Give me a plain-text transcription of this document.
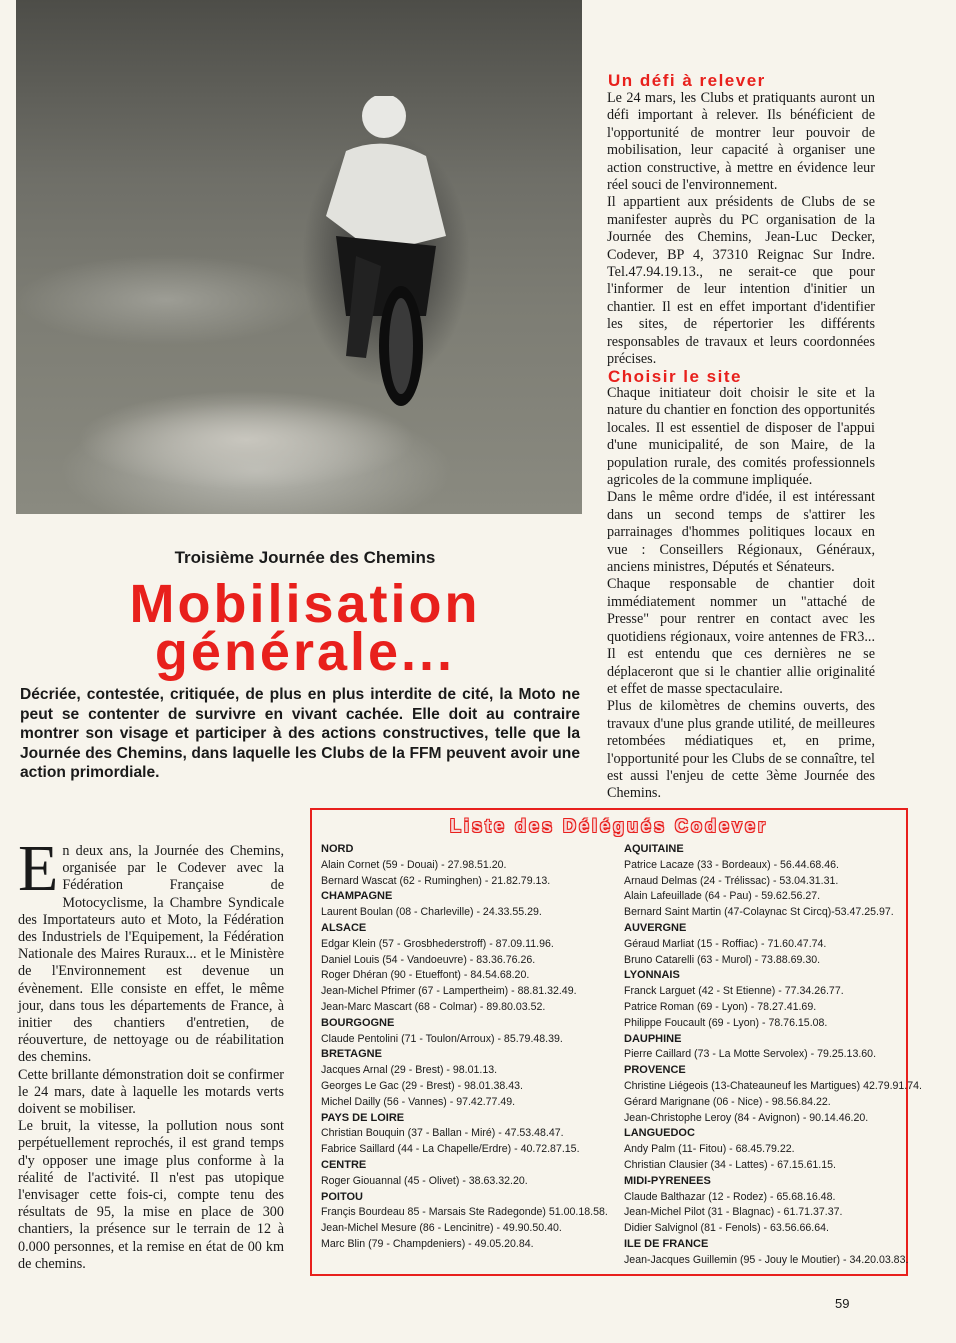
Troisième Journée des Chemins
Mobilisation
générale...
Décriée, contestée, critiquée, de plus en plus interdite de cité, la Moto ne peut se contenter de survivre en vivant cachée. Elle doit au contraire montrer son visage et participer à des actions constructives, telle que la Journée des Chemins, dans laquelle les Clubs de la FFM peuvent avoir une action primordiale.
Un défi à relever

Le 24 mars, les Clubs et pratiquants auront un défi important à relever. Ils bénéficient de l'opportunité de montrer leur pouvoir de mobilisation, leur capacité à organiser une action constructive, à mettre en évidence leur réel souci de l'environnement.

Il appartient aux présidents de Clubs de se manifester auprès du PC organisation de la Journée des Chemins, Jean-Luc Decker, Codever, BP 4, 37310 Reignac Sur Indre. Tel.47.94.19.13., ne serait-ce que pour l'informer de leur intention d'initier un chantier. Il est en effet important d'identifier les sites, de répertorier les différents responsables de travaux et leurs coordonnées précises.

Choisir le site

Chaque initiateur doit choisir le site et la nature du chantier en fonction des opportunités locales. Il est essentiel de disposer de l'appui d'une municipalité, de son Maire, de la population rurale, des comités professionnels agricoles de la commune impliquée.

Dans le même ordre d'idée, il est intéressant dans un second temps de s'attirer les parrainages d'hommes politiques locaux en vue : Conseillers Régionaux, Généraux, anciens ministres, Députés et Sénateurs.

Chaque responsable de chantier doit immédiatement nommer un "attaché de Presse" pour rentrer en contact avec les quotidiens régionaux, voire antennes de FR3... Il est entendu que ces dernières ne se déplaceront que si le chantier allie originalité et effet de masse spectaculaire.

Plus de kilomètres de chemins ouverts, des travaux d'une plus grande utilité, de meilleures retombées médiatiques et, en prime, l'opportunité pour les Clubs de se connaître, tel est aussi l'enjeu de cette 3ème Journée des Chemins.

En deux ans, la Journée des Chemins, organisée par le Codever avec la Fédération Française de Motocyclisme, la Chambre Syndicale des Importateurs auto et Moto, la Fédération des Industriels de l'Equipement, la Fédération Nationale des Maires Ruraux... et le Ministère de l'Environnement est devenue un évènement. Elle consiste en effet, le même jour, dans tous les départements de France, à initier des chantiers d'entretien, de réouverture, de nettoyage ou de réabilitation des chemins.

Cette brillante démonstration doit se confirmer le 24 mars, date à laquelle les motards verts doivent se mobiliser.

Le bruit, la vitesse, la pollution nous sont perpétuellement reprochés, il est grand temps d'y opposer une image plus conforme à la réalité de l'activité. Il n'est pas utopique l'envisager cette fois-ci, compte tenu des résultats de 95, la mise en place de 300 chantiers, la présence sur le terrain de 12 à 0.000 personnes, et la remise en état de 00 km de chemins.

Liste des Délégués Codever
NORD
Alain Cornet (59 - Douai) - 27.98.51.20.
Bernard Wascat (62 - Ruminghen) - 21.82.79.13.
CHAMPAGNE
Laurent Boulan (08 - Charleville) - 24.33.55.29.
ALSACE
Edgar Klein (57 - Grosbhederstroff) - 87.09.11.96.
Daniel Louis (54 - Vandoeuvre) - 83.36.76.26.
Roger Dhéran (90 - Etueffont) - 84.54.68.20.
Jean-Michel Pfrimer (67 - Lampertheim) - 88.81.32.49.
Jean-Marc Mascart (68 - Colmar) - 89.80.03.52.
BOURGOGNE
Claude Pentolini (71 - Toulon/Arroux) - 85.79.48.39.
BRETAGNE
Jacques Arnal (29 - Brest) - 98.01.13.
Georges Le Gac (29 - Brest) - 98.01.38.43.
Michel Dailly (56 - Vannes) - 97.42.77.49.
PAYS DE LOIRE
Christian Bouquin (37 - Ballan - Miré) - 47.53.48.47.
Fabrice Saillard (44 - La Chapelle/Erdre) - 40.72.87.15.
CENTRE
Roger Giouannal (45 - Olivet) - 38.63.32.20.
POITOU
Françis Bourdeau 85 - Marsais Ste Radegonde) 51.00.18.58.
Jean-Michel Mesure (86 - Lencinitre) - 49.90.50.40.
Marc Blin (79 - Champdeniers) - 49.05.20.84.
AQUITAINE
Patrice Lacaze (33 - Bordeaux) - 56.44.68.46.
Arnaud Delmas (24 - Trélissac) - 53.04.31.31.
Alain Lafeuillade (64 - Pau) - 59.62.56.27.
Bernard Saint Martin (47-Colaynac St Circq)-53.47.25.97.
AUVERGNE
Géraud Marliat (15 - Roffiac) - 71.60.47.74.
Bruno Catarelli (63 - Murol) - 73.88.69.30.
LYONNAIS
Franck Larguet (42 - St Etienne) - 77.34.26.77.
Patrice Roman (69 - Lyon) - 78.27.41.69.
Philippe Foucault (69 - Lyon) - 78.76.15.08.
DAUPHINE
Pierre Caillard (73 - La Motte Servolex) - 79.25.13.60.
PROVENCE
Christine Liégeois (13-Chateauneuf les Martigues) 42.79.91.74.
Gérard Marignane (06 - Nice) - 98.56.84.22.
Jean-Christophe Leroy (84 - Avignon) - 90.14.46.20.
LANGUEDOC
Andy Palm (11- Fitou) - 68.45.79.22.
Christian Clausier (34 - Lattes) - 67.15.61.15.
MIDI-PYRENEES
Claude Balthazar (12 - Rodez) - 65.68.16.48.
Jean-Michel Pilot (31 - Blagnac) - 61.71.37.37.
Didier Salvignol (81 - Fenols) - 63.56.66.64.
ILE DE FRANCE
Jean-Jacques Guillemin (95 - Jouy le Moutier) - 34.20.03.83.
59
